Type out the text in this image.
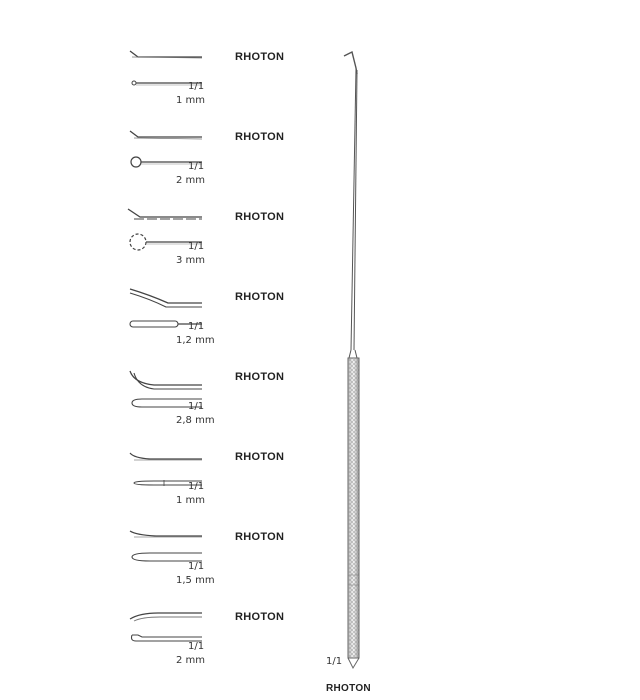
1/1
1 mm
RHOTON
1/1
2 mm
RHOTON
1/1
3 mm
RHOTON
1/1
1,2 mm
RHOTON
1/1
2,8 mm
RHOTON
1/1
1 mm
RHOTON
1/1
1,5 mm
RHOTON
1/1
2 mm
RHOTON
1/1
RHOTON
